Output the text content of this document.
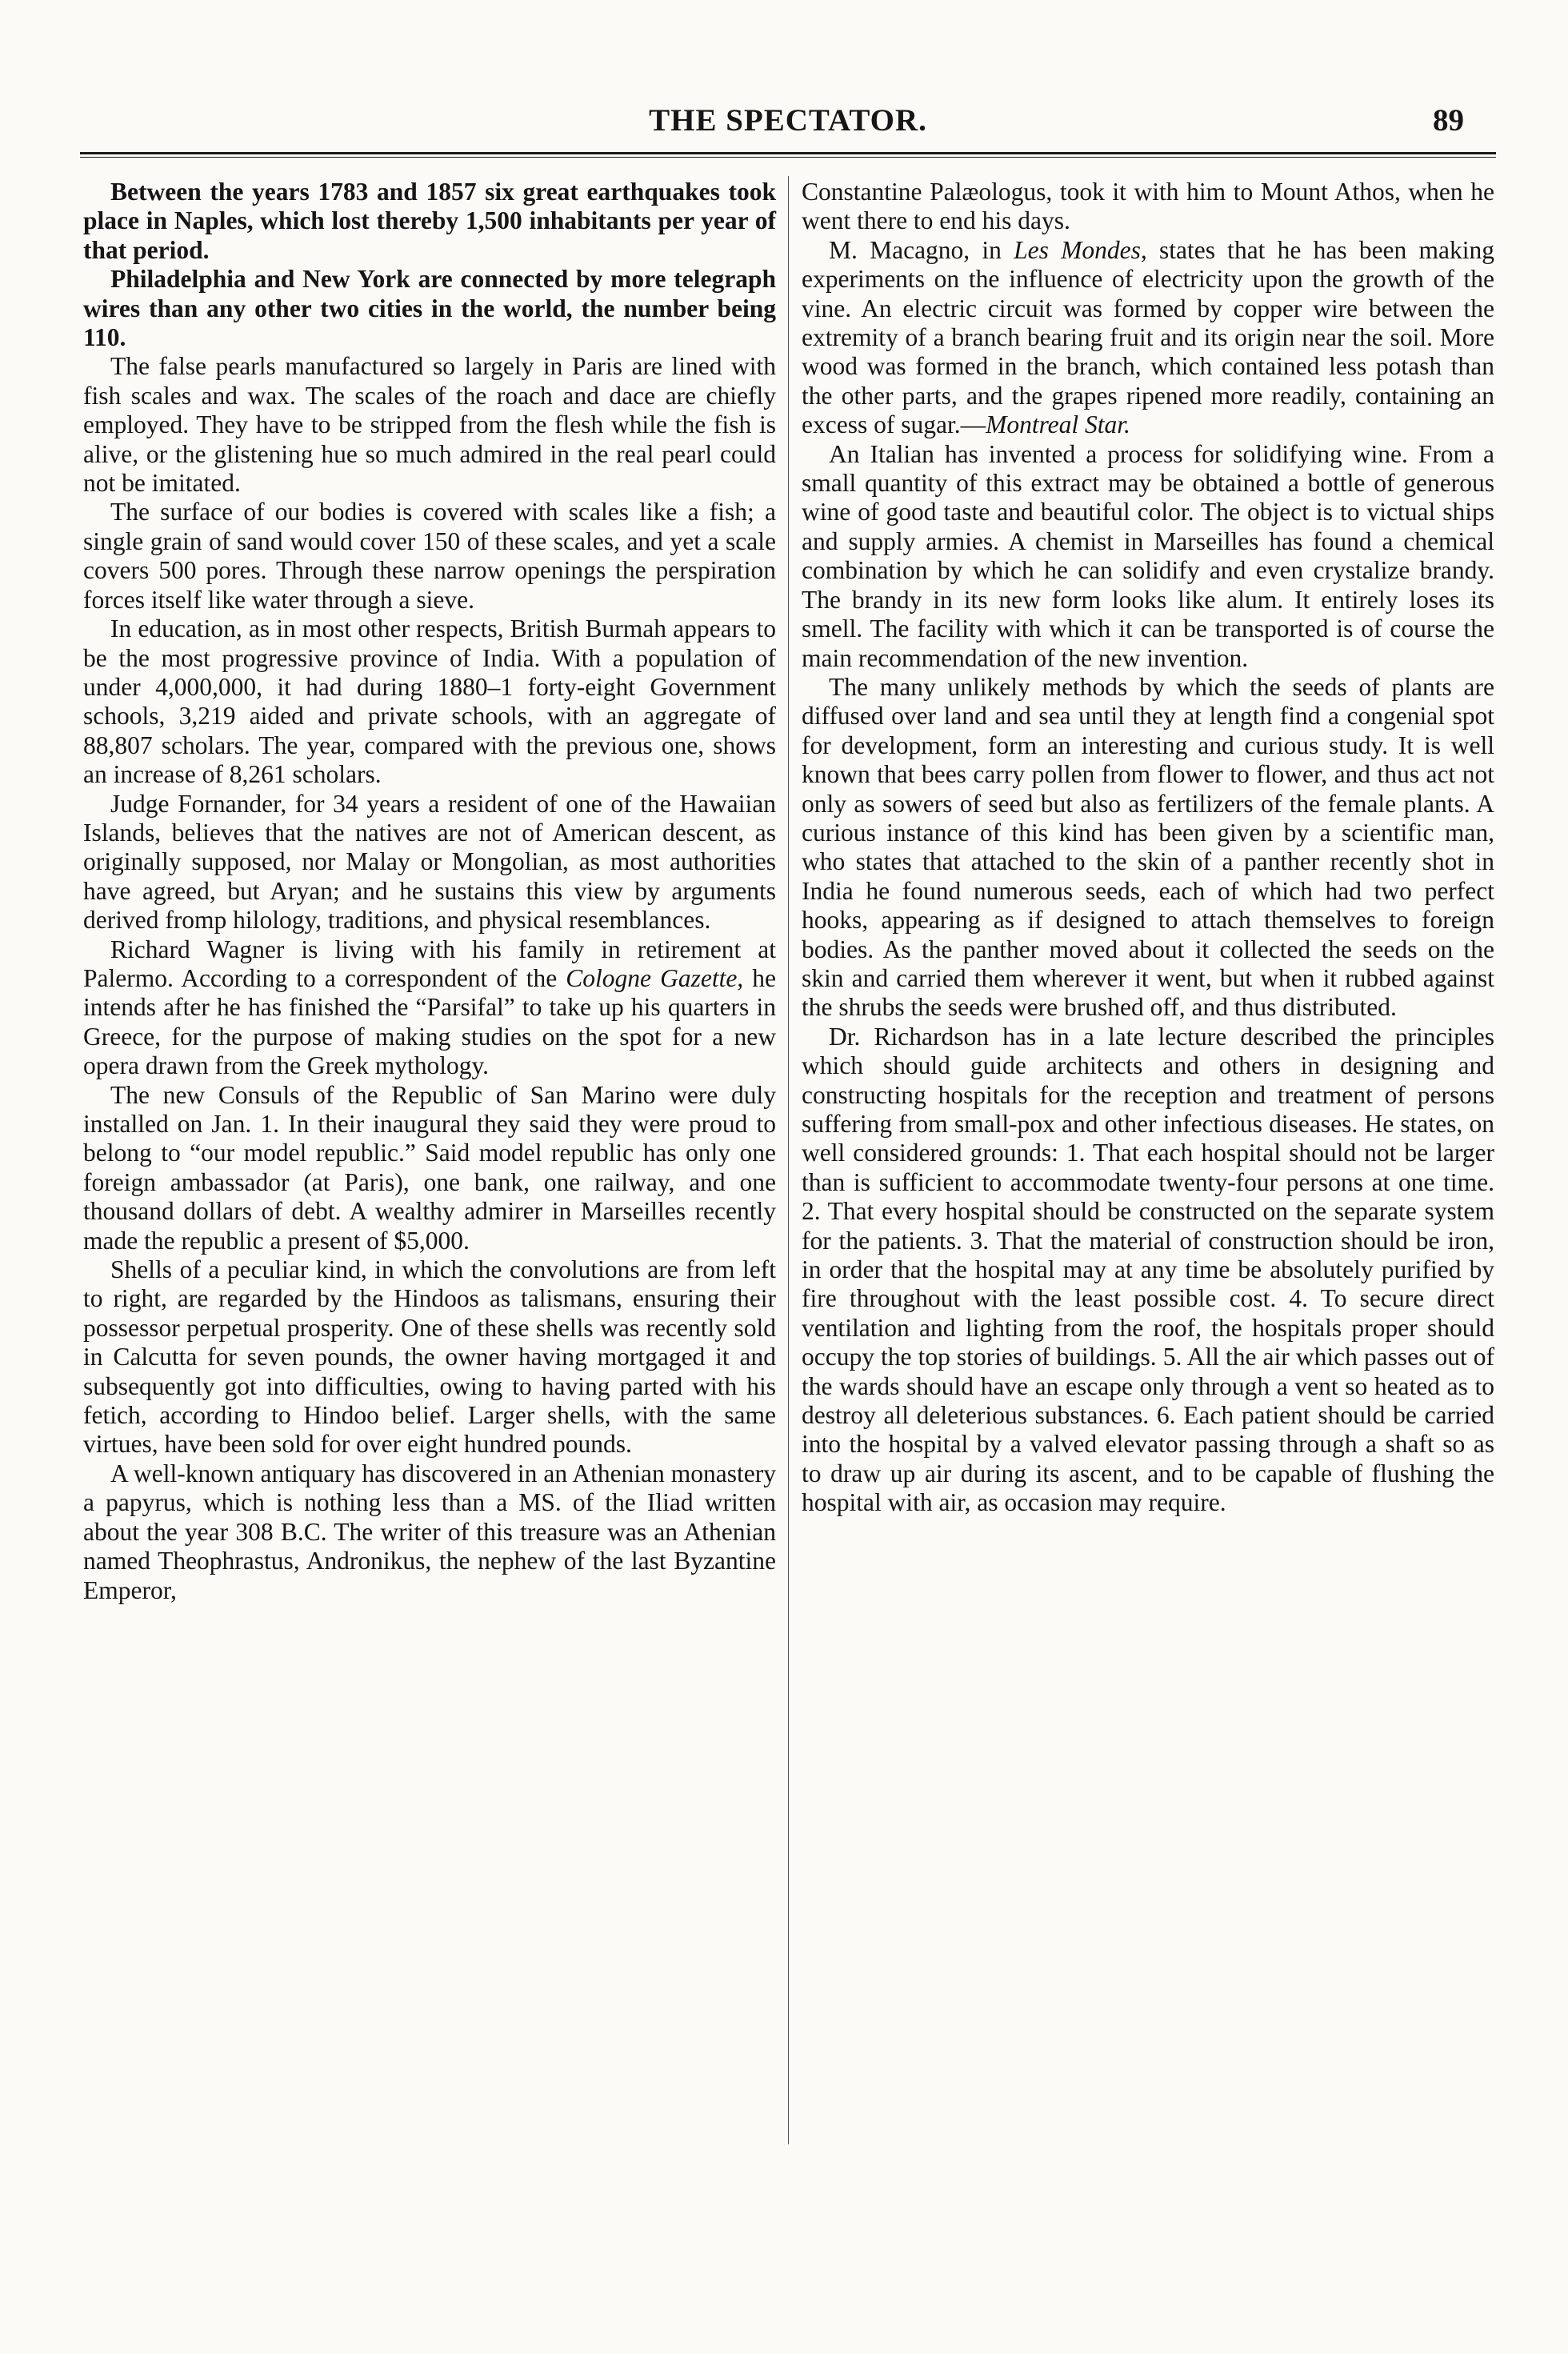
THE SPECTATOR.	89

Between the years 1783 and 1857 six great earthquakes took place in Naples, which lost thereby 1,500 inhabitants per year of that period.

Philadelphia and New York are connected by more telegraph wires than any other two cities in the world, the number being 110.

The false pearls manufactured so largely in Paris are lined with fish scales and wax. The scales of the roach and dace are chiefly employed. They have to be stripped from the flesh while the fish is alive, or the glistening hue so much admired in the real pearl could not be imitated.

The surface of our bodies is covered with scales like a fish; a single grain of sand would cover 150 of these scales, and yet a scale covers 500 pores. Through these narrow openings the perspiration forces itself like water through a sieve.

In education, as in most other respects, British Burmah appears to be the most progressive province of India. With a population of under 4,000,000, it had during 1880–1 forty-eight Government schools, 3,219 aided and private schools, with an aggregate of 88,807 scholars. The year, compared with the previous one, shows an increase of 8,261 scholars.

Judge Fornander, for 34 years a resident of one of the Hawaiian Islands, believes that the natives are not of American descent, as originally supposed, nor Malay or Mongolian, as most authorities have agreed, but Aryan; and he sustains this view by arguments derived fromp hilology, traditions, and physical resemblances.

Richard Wagner is living with his family in retirement at Palermo. According to a correspondent of the Cologne Gazette, he intends after he has finished the “Parsifal” to take up his quarters in Greece, for the purpose of making studies on the spot for a new opera drawn from the Greek mythology.

The new Consuls of the Republic of San Marino were duly installed on Jan. 1. In their inaugural they said they were proud to belong to “our model republic.” Said model republic has only one foreign ambassador (at Paris), one bank, one railway, and one thousand dollars of debt. A wealthy admirer in Marseilles recently made the republic a present of $5,000.

Shells of a peculiar kind, in which the convolutions are from left to right, are regarded by the Hindoos as talismans, ensuring their possessor perpetual prosperity. One of these shells was recently sold in Calcutta for seven pounds, the owner having mortgaged it and subsequently got into difficulties, owing to having parted with his fetich, according to Hindoo belief. Larger shells, with the same virtues, have been sold for over eight hundred pounds.

A well-known antiquary has discovered in an Athenian monastery a papyrus, which is nothing less than a MS. of the Iliad written about the year 308 B.C. The writer of this treasure was an Athenian named Theophrastus, Andronikus, the nephew of the last Byzantine Emperor,

Constantine Palæologus, took it with him to Mount Athos, when he went there to end his days.

M. Macagno, in Les Mondes, states that he has been making experiments on the influence of electricity upon the growth of the vine. An electric circuit was formed by copper wire between the extremity of a branch bearing fruit and its origin near the soil. More wood was formed in the branch, which contained less potash than the other parts, and the grapes ripened more readily, containing an excess of sugar.—Montreal Star.

An Italian has invented a process for solidifying wine. From a small quantity of this extract may be obtained a bottle of generous wine of good taste and beautiful color. The object is to victual ships and supply armies. A chemist in Marseilles has found a chemical combination by which he can solidify and even crystalize brandy. The brandy in its new form looks like alum. It entirely loses its smell. The facility with which it can be transported is of course the main recommendation of the new invention.

The many unlikely methods by which the seeds of plants are diffused over land and sea until they at length find a congenial spot for development, form an interesting and curious study. It is well known that bees carry pollen from flower to flower, and thus act not only as sowers of seed but also as fertilizers of the female plants. A curious instance of this kind has been given by a scientific man, who states that attached to the skin of a panther recently shot in India he found numerous seeds, each of which had two perfect hooks, appearing as if designed to attach themselves to foreign bodies. As the panther moved about it collected the seeds on the skin and carried them wherever it went, but when it rubbed against the shrubs the seeds were brushed off, and thus distributed.

Dr. Richardson has in a late lecture described the principles which should guide architects and others in designing and constructing hospitals for the reception and treatment of persons suffering from small-pox and other infectious diseases. He states, on well considered grounds: 1. That each hospital should not be larger than is sufficient to accommodate twenty-four persons at one time. 2. That every hospital should be constructed on the separate system for the patients. 3. That the material of construction should be iron, in order that the hospital may at any time be absolutely purified by fire throughout with the least possible cost. 4. To secure direct ventilation and lighting from the roof, the hospitals proper should occupy the top stories of buildings. 5. All the air which passes out of the wards should have an escape only through a vent so heated as to destroy all deleterious substances. 6. Each patient should be carried into the hospital by a valved elevator passing through a shaft so as to draw up air during its ascent, and to be capable of flushing the hospital with air, as occasion may require.
